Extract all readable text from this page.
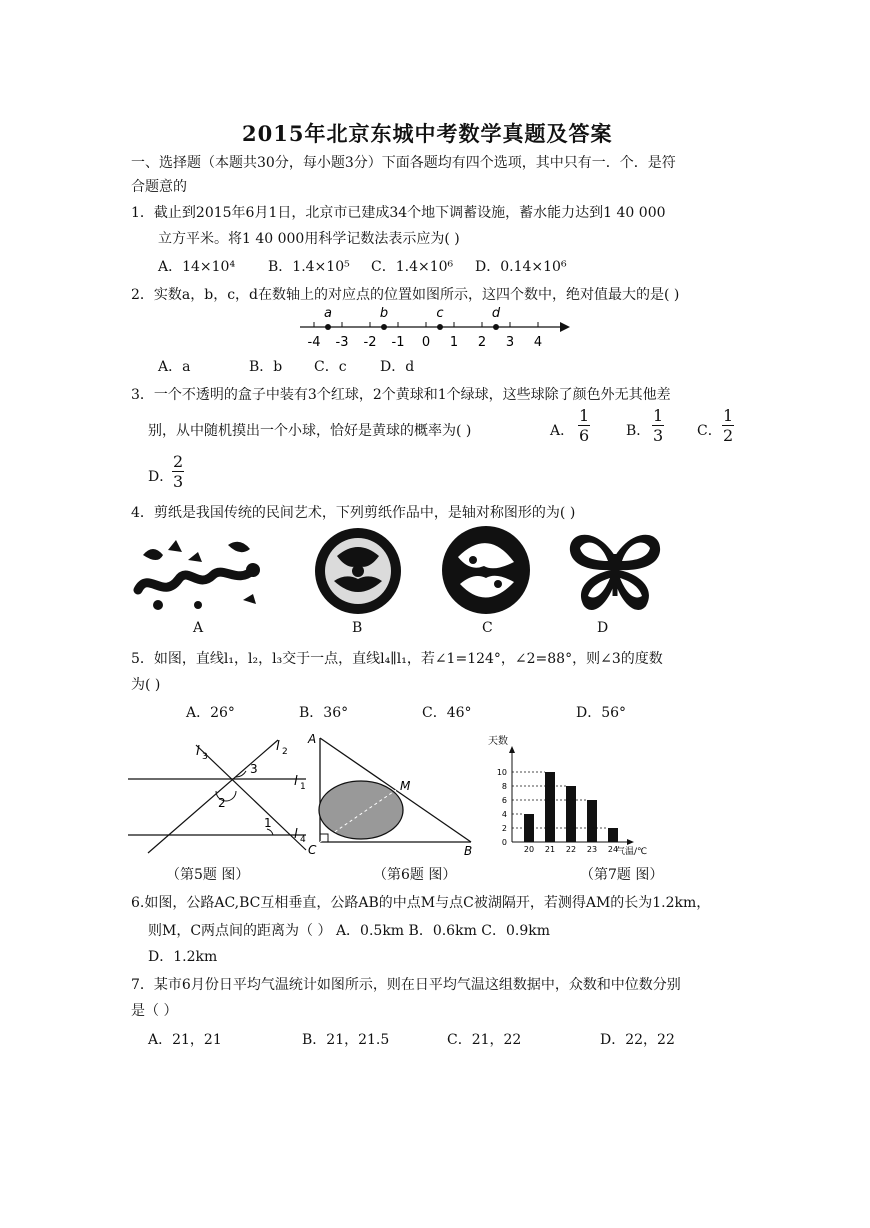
2015年北京东城中考数学真题及答案
一、选择题（本题共30分，每小题3分）下面各题均有四个选项，其中只有一．个．是符
合题意的
1．截止到2015年6月1日，北京市已建成34个地下调蓄设施，蓄水能力达到1 40 000
立方平米。将1 40 000用科学记数法表示应为( )
A．14×10⁴ B．1.4×10⁵ C．1.4×10⁶ D．0.14×10⁶
2．实数a，b，c，d在数轴上的对应点的位置如图所示，这四个数中，绝对值最大的是( )
-4 -3 -2 -1 0 1 2 3 4
a	b	c	d
A．a	B．b C．c D．d
3．一个不透明的盒子中装有3个红球，2个黄球和1个绿球，这些球除了颜色外无其他差
别，从中随机摸出一个小球，恰好是黄球的概率为( )	A． $\frac{1}{6}$	B． $\frac{1}{3}$ C． $\frac{1}{2}$
D．
$\frac{2}{3}$
4．剪纸是我国传统的民间艺术，下列剪纸作品中，是轴对称图形的为( )
A	B	C	D
5．如图，直线l₁，l₂，l₃交于一点，直线l₄∥l₁，若∠1=124°，∠2=88°，则∠3的度数
为( )
A．26°	B．36°	C．46°	D．56°
l 3
l 2
l 1
l 4
2
3
1
（第5题 图）
A
C	B
M
（第6题 图）
天数
气温/℃
0
2
4
6
8
10
20 21 22 23 24
（第7题 图）
6.如图，公路AC,BC互相垂直，公路AB的中点M与点C被湖隔开，若测得AM的长为1.2km，
则M，C两点间的距离为（ ） A．0.5km B．0.6km C．0.9km
D．1.2km
7．某市6月份日平均气温统计如图所示，则在日平均气温这组数据中，众数和中位数分别
是（ ）
A．21，21	B．21，21.5	C．21，22	D．22，22
